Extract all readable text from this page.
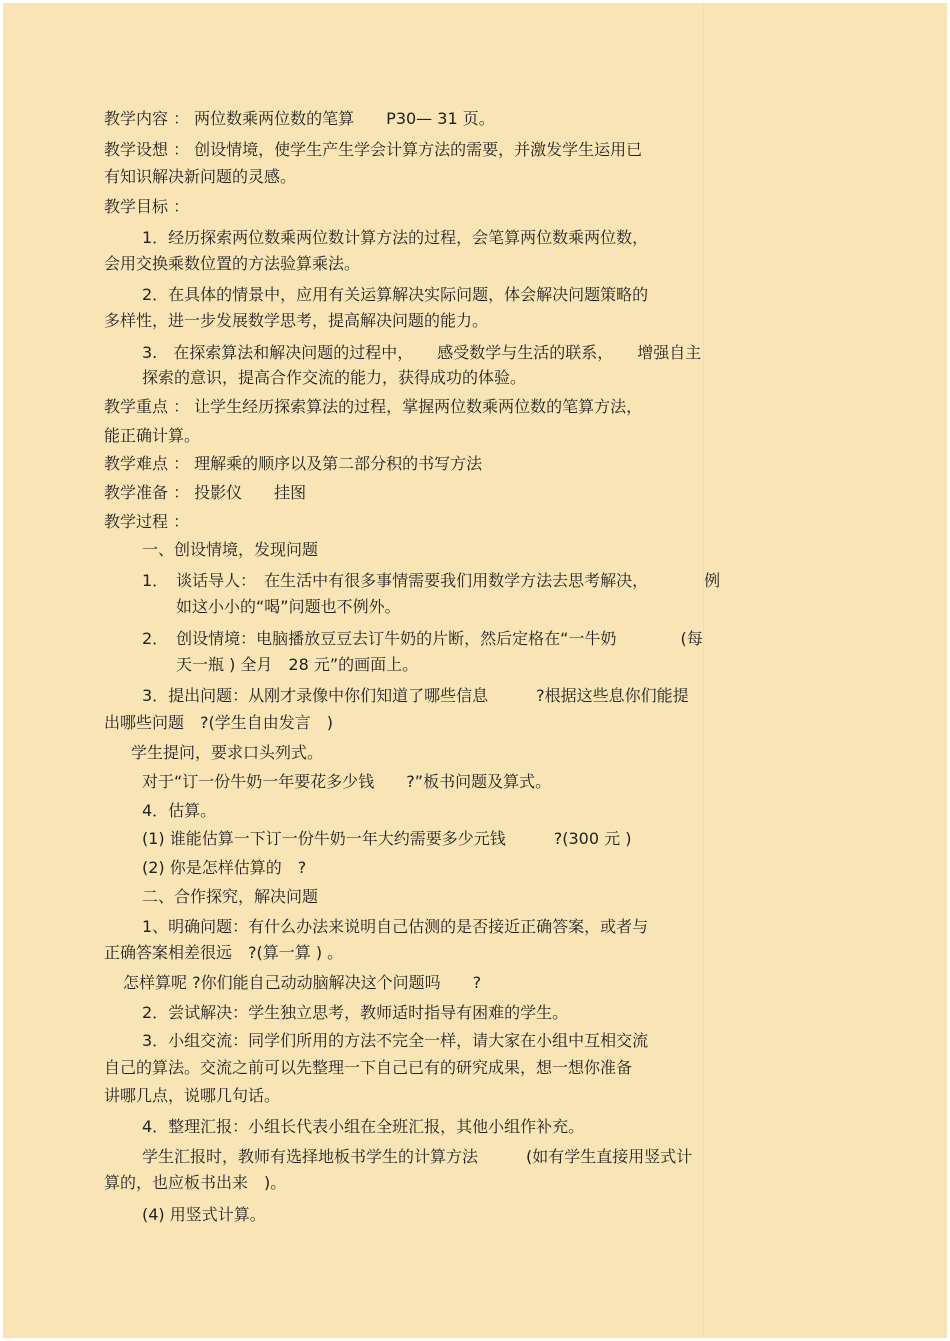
教学内容 ： 两位数乘两位数的笔算　　P30— 31 页。
教学设想 ： 创设情境，使学生产生学会计算方法的需要，并激发学生运用已
有知识解决新问题的灵感。
教学目标 ：
1．经历探索两位数乘两位数计算方法的过程，会笔算两位数乘两位数，
会用交换乘数位置的方法验算乘法。
2．在具体的情景中，应用有关运算解决实际问题，体会解决问题策略的
多样性，进一步发展数学思考，提高解决问题的能力。
3.　在探索算法和解决问题的过程中，　　感受数学与生活的联系，　　增强自主
探索的意识，提高合作交流的能力，获得成功的体验。
教学重点 ： 让学生经历探索算法的过程，掌握两位数乘两位数的笔算方法，
能正确计算。
教学难点 ： 理解乘的顺序以及第二部分积的书写方法
教学准备 ： 投影仪　　挂图
教学过程 ：
一、创设情境，发现问题
1．　谈话导人：　在生活中有很多事情需要我们用数学方法去思考解决，　　　　例
如这小小的“喝”问题也不例外。
2．　创设情境：电脑播放豆豆去订牛奶的片断，然后定格在“一牛奶　　　　(每
天一瓶 ) 全月　28 元”的画面上。
3．提出问题：从刚才录像中你们知道了哪些信息　　　?根据这些息你们能提
出哪些问题　?(学生自由发言　)
学生提问，要求口头列式。
对于“订一份牛奶一年要花多少钱　　?”板书问题及算式。
4．估算。
(1) 谁能估算一下订一份牛奶一年大约需要多少元钱　　　?(300 元 )
(2) 你是怎样估算的　?
二、合作探究，解决问题
1、明确问题：有什么办法来说明自己估测的是否接近正确答案，或者与
正确答案相差很远　?(算一算 ) 。
怎样算呢 ?你们能自己动动脑解决这个问题吗　　?
2．尝试解决：学生独立思考，教师适时指导有困难的学生。
3．小组交流：同学们所用的方法不完全一样，请大家在小组中互相交流
自己的算法。交流之前可以先整理一下自己已有的研究成果，想一想你准备
讲哪几点，说哪几句话。
4．整理汇报：小组长代表小组在全班汇报，其他小组作补充。
学生汇报时，教师有选择地板书学生的计算方法　　　(如有学生直接用竖式计
算的，也应板书出来　)。
(4) 用竖式计算。
